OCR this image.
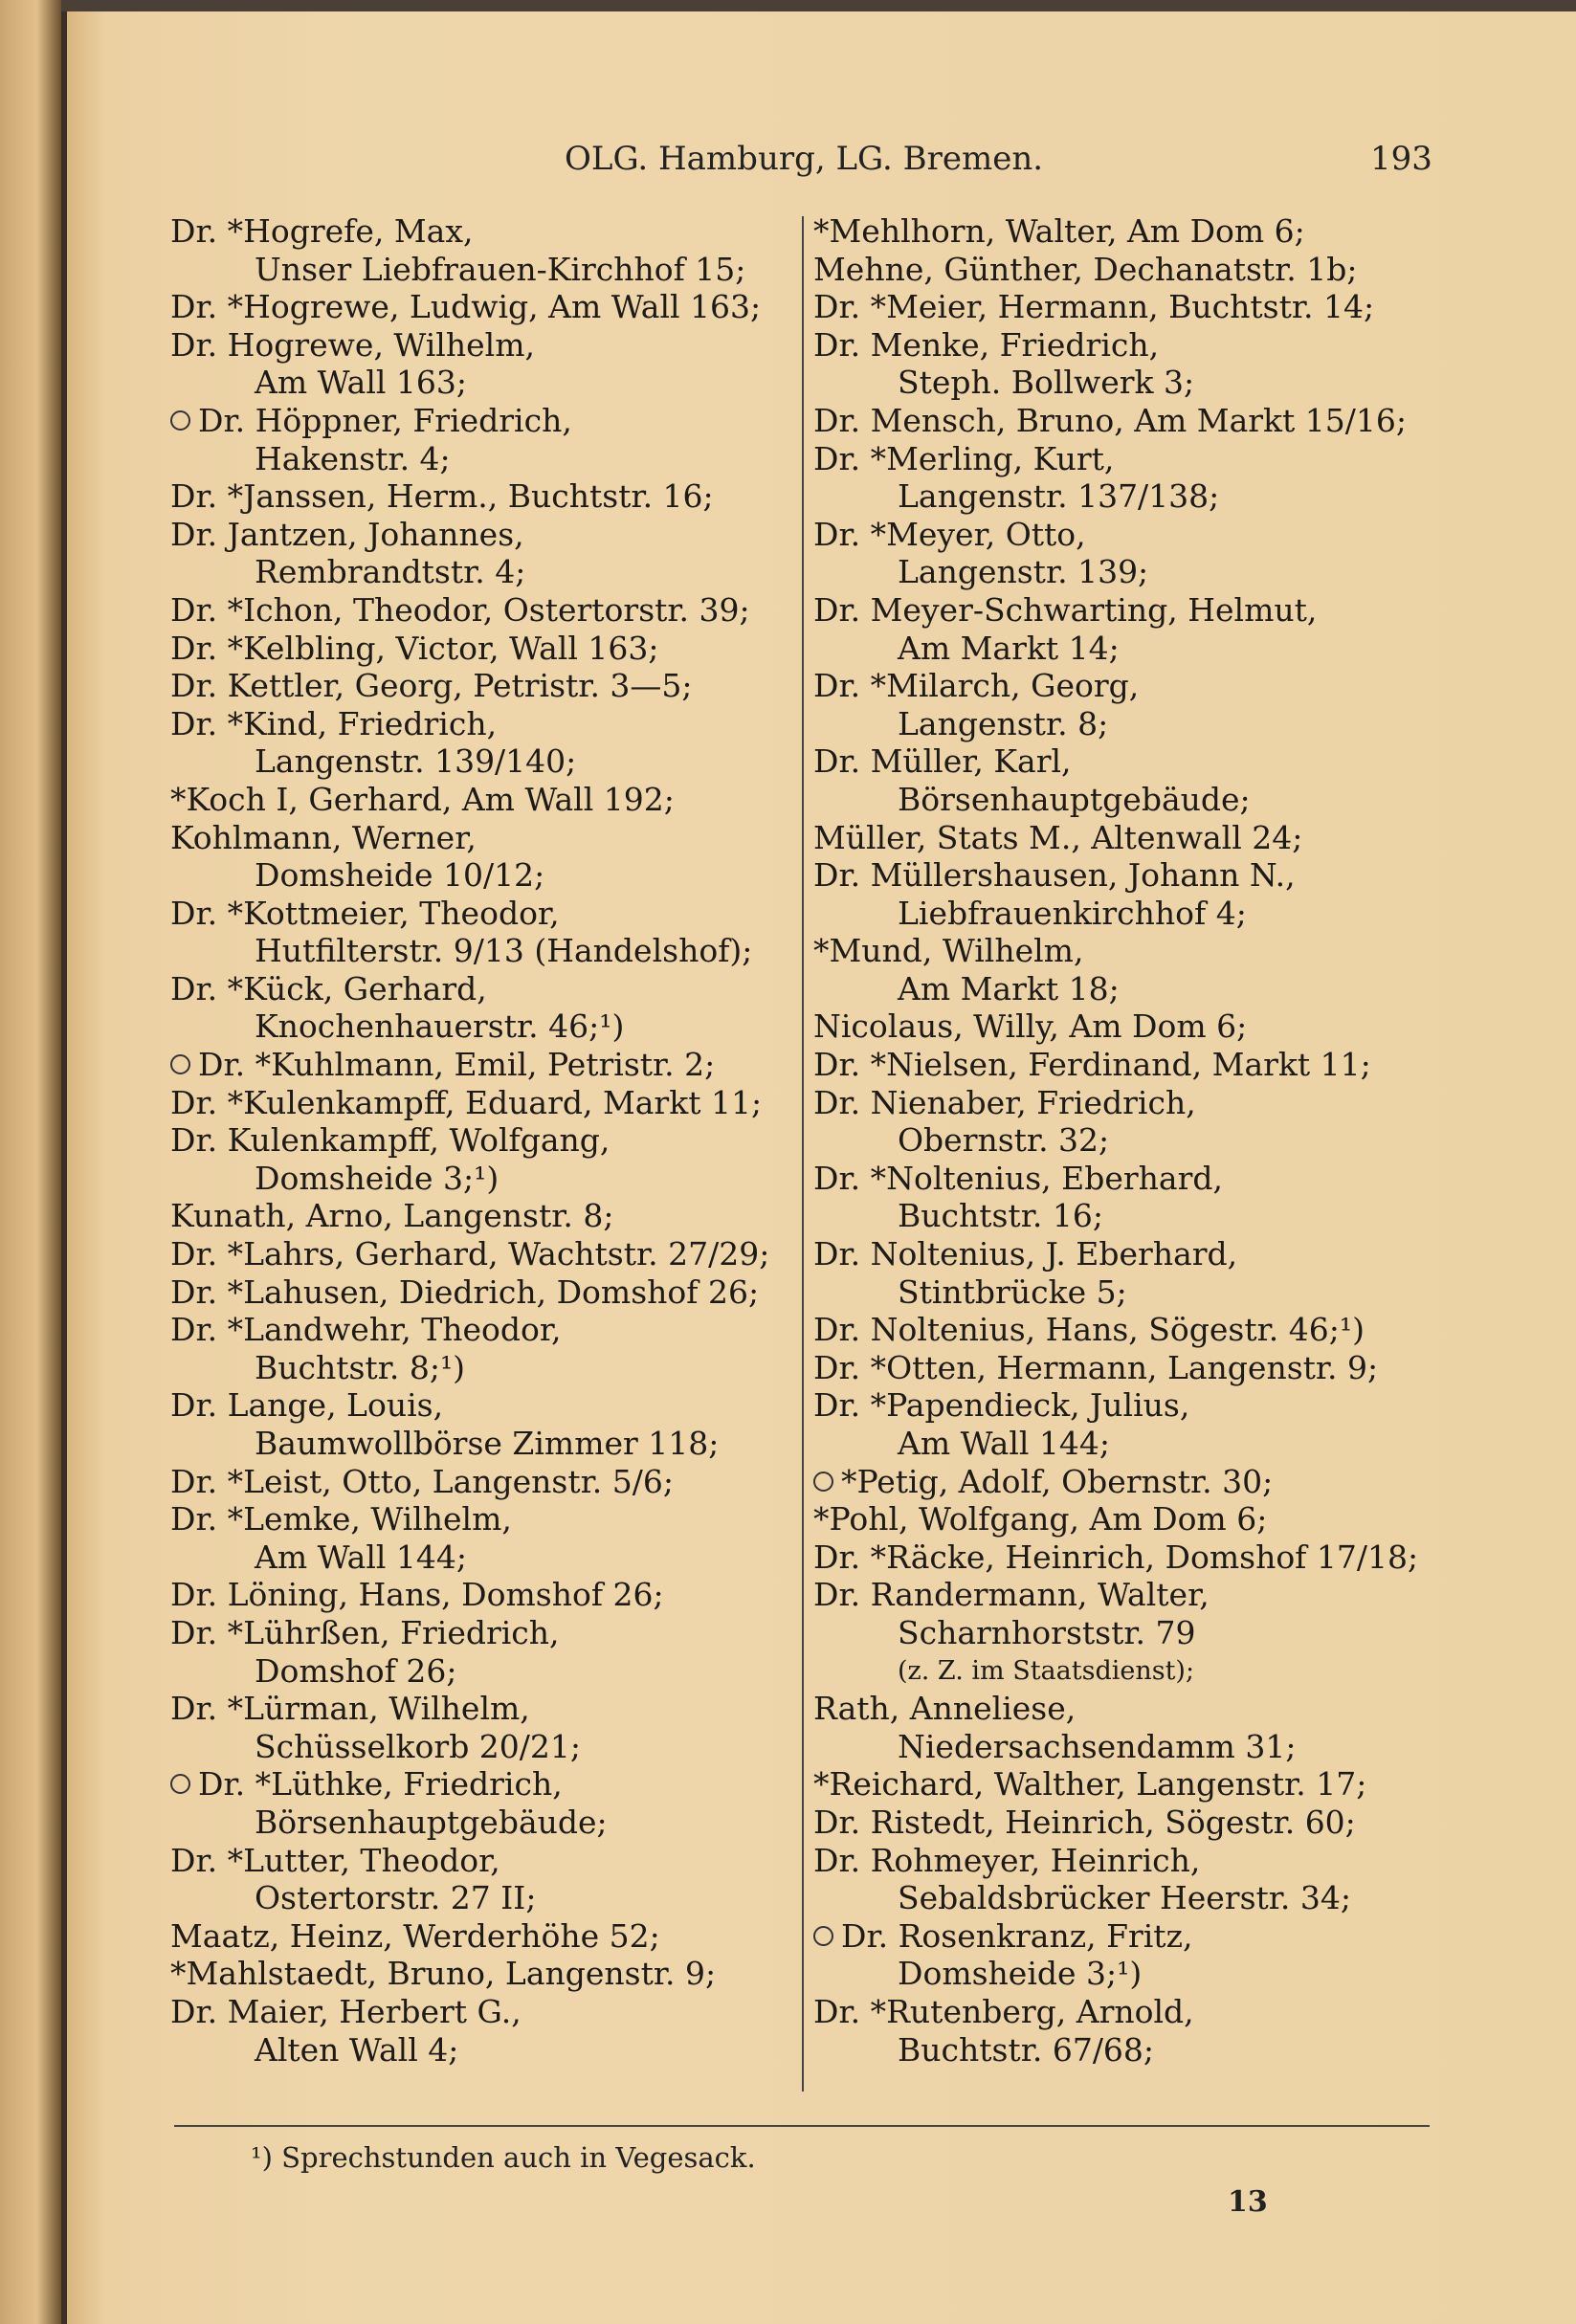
OLG. Hamburg, LG. Bremen.	193
Dr. *Hogrefe, Max,
Unser Liebfrauen-Kirchhof 15;
Dr. *Hogrewe, Ludwig, Am Wall 163;
Dr. Hogrewe, Wilhelm,
Am Wall 163;
Dr. Höppner, Friedrich,
Hakenstr. 4;
Dr. *Janssen, Herm., Buchtstr. 16;
Dr. Jantzen, Johannes,
Rembrandtstr. 4;
Dr. *Ichon, Theodor, Ostertorstr. 39;
Dr. *Kelbling, Victor, Wall 163;
Dr. Kettler, Georg, Petristr. 3—5;
Dr. *Kind, Friedrich,
Langenstr. 139/140;
*Koch I, Gerhard, Am Wall 192;
Kohlmann, Werner,
Domsheide 10/12;
Dr. *Kottmeier, Theodor,
Hutfilterstr. 9/13 (Handelshof);
Dr. *Kück, Gerhard,
Knochenhauerstr. 46;¹)
Dr. *Kuhlmann, Emil, Petristr. 2;
Dr. *Kulenkampff, Eduard, Markt 11;
Dr. Kulenkampff, Wolfgang,
Domsheide 3;¹)
Kunath, Arno, Langenstr. 8;
Dr. *Lahrs, Gerhard, Wachtstr. 27/29;
Dr. *Lahusen, Diedrich, Domshof 26;
Dr. *Landwehr, Theodor,
Buchtstr. 8;¹)
Dr. Lange, Louis,
Baumwollbörse Zimmer 118;
Dr. *Leist, Otto, Langenstr. 5/6;
Dr. *Lemke, Wilhelm,
Am Wall 144;
Dr. Löning, Hans, Domshof 26;
Dr. *Lührßen, Friedrich,
Domshof 26;
Dr. *Lürman, Wilhelm,
Schüsselkorb 20/21;
Dr. *Lüthke, Friedrich,
Börsenhauptgebäude;
Dr. *Lutter, Theodor,
Ostertorstr. 27 II;
Maatz, Heinz, Werderhöhe 52;
*Mahlstaedt, Bruno, Langenstr. 9;
Dr. Maier, Herbert G.,
Alten Wall 4;
*Mehlhorn, Walter, Am Dom 6;
Mehne, Günther, Dechanatstr. 1b;
Dr. *Meier, Hermann, Buchtstr. 14;
Dr. Menke, Friedrich,
Steph. Bollwerk 3;
Dr. Mensch, Bruno, Am Markt 15/16;
Dr. *Merling, Kurt,
Langenstr. 137/138;
Dr. *Meyer, Otto,
Langenstr. 139;
Dr. Meyer-Schwarting, Helmut,
Am Markt 14;
Dr. *Milarch, Georg,
Langenstr. 8;
Dr. Müller, Karl,
Börsenhauptgebäude;
Müller, Stats M., Altenwall 24;
Dr. Müllershausen, Johann N.,
Liebfrauenkirchhof 4;
*Mund, Wilhelm,
Am Markt 18;
Nicolaus, Willy, Am Dom 6;
Dr. *Nielsen, Ferdinand, Markt 11;
Dr. Nienaber, Friedrich,
Obernstr. 32;
Dr. *Noltenius, Eberhard,
Buchtstr. 16;
Dr. Noltenius, J. Eberhard,
Stintbrücke 5;
Dr. Noltenius, Hans, Sögestr. 46;¹)
Dr. *Otten, Hermann, Langenstr. 9;
Dr. *Papendieck, Julius,
Am Wall 144;
*Petig, Adolf, Obernstr. 30;
*Pohl, Wolfgang, Am Dom 6;
Dr. *Räcke, Heinrich, Domshof 17/18;
Dr. Randermann, Walter,
Scharnhorststr. 79
(z. Z. im Staatsdienst);
Rath, Anneliese,
Niedersachsendamm 31;
*Reichard, Walther, Langenstr. 17;
Dr. Ristedt, Heinrich, Sögestr. 60;
Dr. Rohmeyer, Heinrich,
Sebaldsbrücker Heerstr. 34;
Dr. Rosenkranz, Fritz,
Domsheide 3;¹)
Dr. *Rutenberg, Arnold,
Buchtstr. 67/68;
¹) Sprechstunden auch in Vegesack.
13
